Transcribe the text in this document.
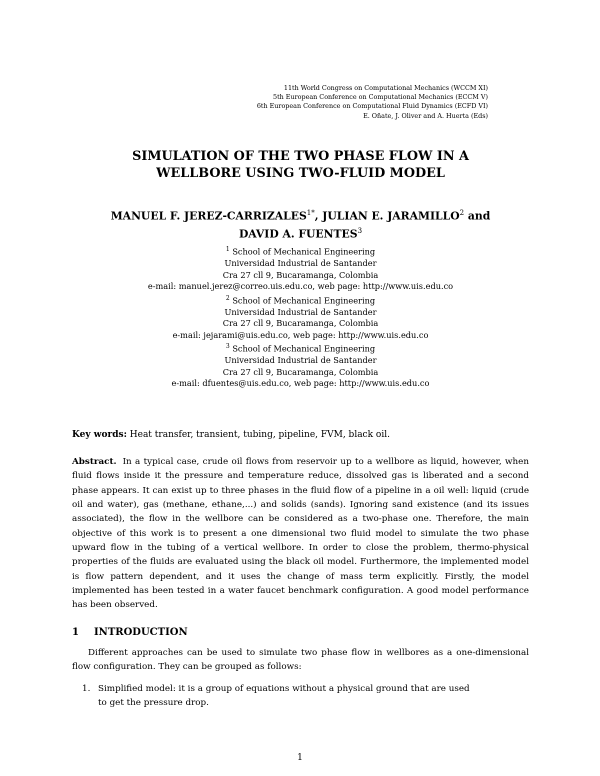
11th World Congress on Computational Mechanics (WCCM XI)
5th European Conference on Computational Mechanics (ECCM V)
6th European Conference on Computational Fluid Dynamics (ECFD VI)
E. Oñate, J. Oliver and A. Huerta (Eds)
SIMULATION OF THE TWO PHASE FLOW IN A
WELLBORE USING TWO-FLUID MODEL
MANUEL F. JEREZ-$CARRIZALES^{1*}$, JULIAN E. JARAMILLO$^2$ and
DAVID A. FUENTES$^3$
$^1$ School of Mechanical Engineering
Universidad Industrial de Santander
Cra 27 cll 9, Bucaramanga, Colombia
e-mail: manuel.jerez@correo.uis.edu.co, web page: http://www.uis.edu.co
$^2$ School of Mechanical Engineering
Universidad Industrial de Santander
Cra 27 cll 9, Bucaramanga, Colombia
e-mail: jejarami@uis.edu.co, web page: http://www.uis.edu.co
$^3$ School of Mechanical Engineering
Universidad Industrial de Santander
Cra 27 cll 9, Bucaramanga, Colombia
e-mail: dfuentes@uis.edu.co, web page: http://www.uis.edu.co
Key words: Heat transfer, transient, tubing, pipeline, FVM, black oil.
Abstract. In a typical case, crude oil flows from reservoir up to a wellbore as liquid, however, when fluid flows inside it the pressure and temperature reduce, dissolved gas is liberated and a second phase appears. It can exist up to three phases in the fluid flow of a pipeline in a oil well: liquid (crude oil and water), gas (methane, ethane,...) and solids (sands). Ignoring sand existence (and its issues associated), the flow in the wellbore can be considered as a two-phase one. Therefore, the main objective of this work is to present a one dimensional two fluid model to simulate the two phase upward flow in the tubing of a vertical wellbore. In order to close the problem, thermo-physical properties of the fluids are evaluated using the black oil model. Furthermore, the implemented model is flow pattern dependent, and it uses the change of mass term explicitly. Firstly, the model implemented has been tested in a water faucet benchmark configuration. A good model performance has been observed.
1 INTRODUCTION
Different approaches can be used to simulate two phase flow in wellbores as a one-dimensional flow configuration. They can be grouped as follows:
1. Simplified model: it is a group of equations without a physical ground that are used
to get the pressure drop.
1
